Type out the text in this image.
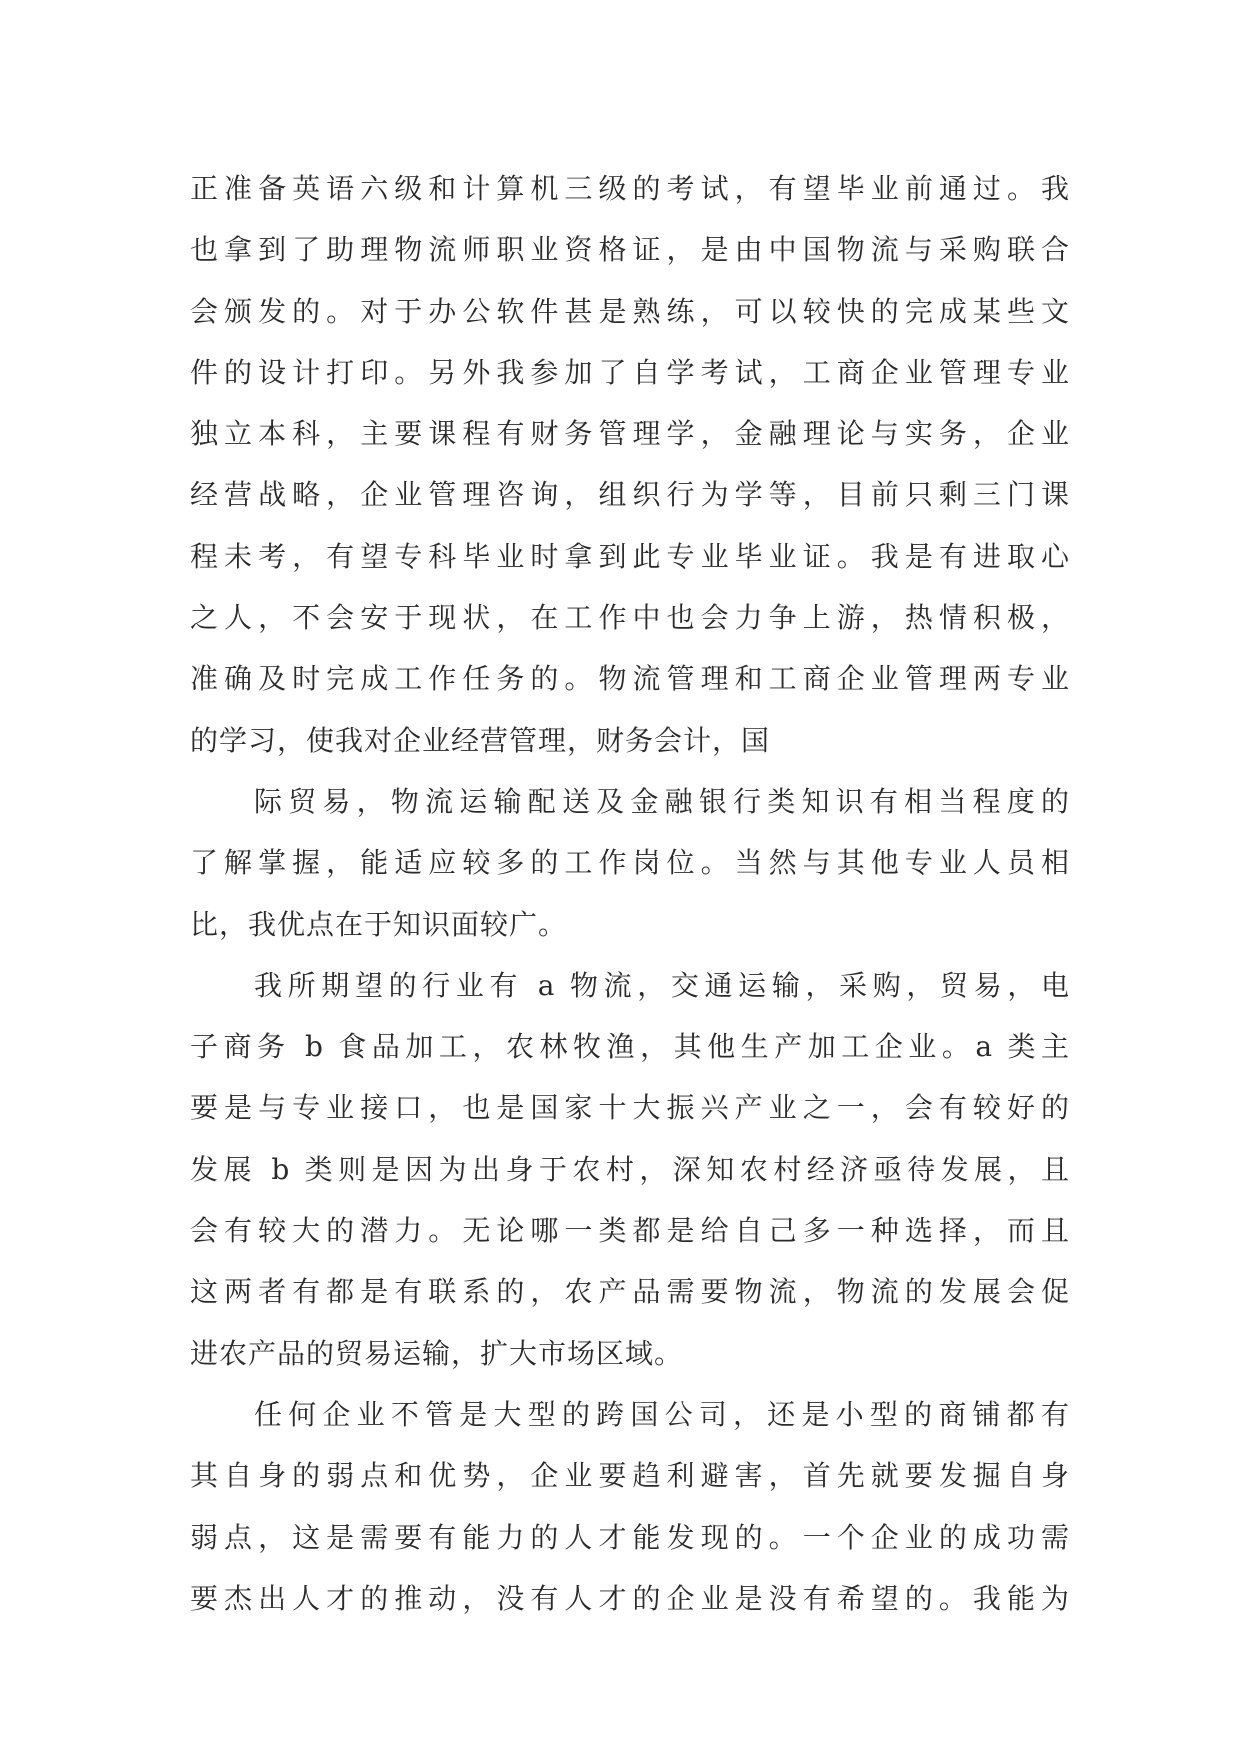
正准备英语六级和计算机三级的考试，有望毕业前通过。我
也拿到了助理物流师职业资格证，是由中国物流与采购联合
会颁发的。对于办公软件甚是熟练，可以较快的完成某些文
件的设计打印。另外我参加了自学考试，工商企业管理专业
独立本科，主要课程有财务管理学，金融理论与实务，企业
经营战略，企业管理咨询，组织行为学等，目前只剩三门课
程未考，有望专科毕业时拿到此专业毕业证。我是有进取心
之人，不会安于现状，在工作中也会力争上游，热情积极，
准确及时完成工作任务的。物流管理和工商企业管理两专业
的学习，使我对企业经营管理，财务会计，国
际贸易，物流运输配送及金融银行类知识有相当程度的
了解掌握，能适应较多的工作岗位。当然与其他专业人员相
比，我优点在于知识面较广。
我所期望的行业有 a 物流，交通运输，采购，贸易，电
子商务 b 食品加工，农林牧渔，其他生产加工企业。a 类主
要是与专业接口，也是国家十大振兴产业之一，会有较好的
发展 b 类则是因为出身于农村，深知农村经济亟待发展，且
会有较大的潜力。无论哪一类都是给自己多一种选择，而且
这两者有都是有联系的，农产品需要物流，物流的发展会促
进农产品的贸易运输，扩大市场区域。
任何企业不管是大型的跨国公司，还是小型的商铺都有
其自身的弱点和优势，企业要趋利避害，首先就要发掘自身
弱点，这是需要有能力的人才能发现的。一个企业的成功需
要杰出人才的推动，没有人才的企业是没有希望的。我能为
